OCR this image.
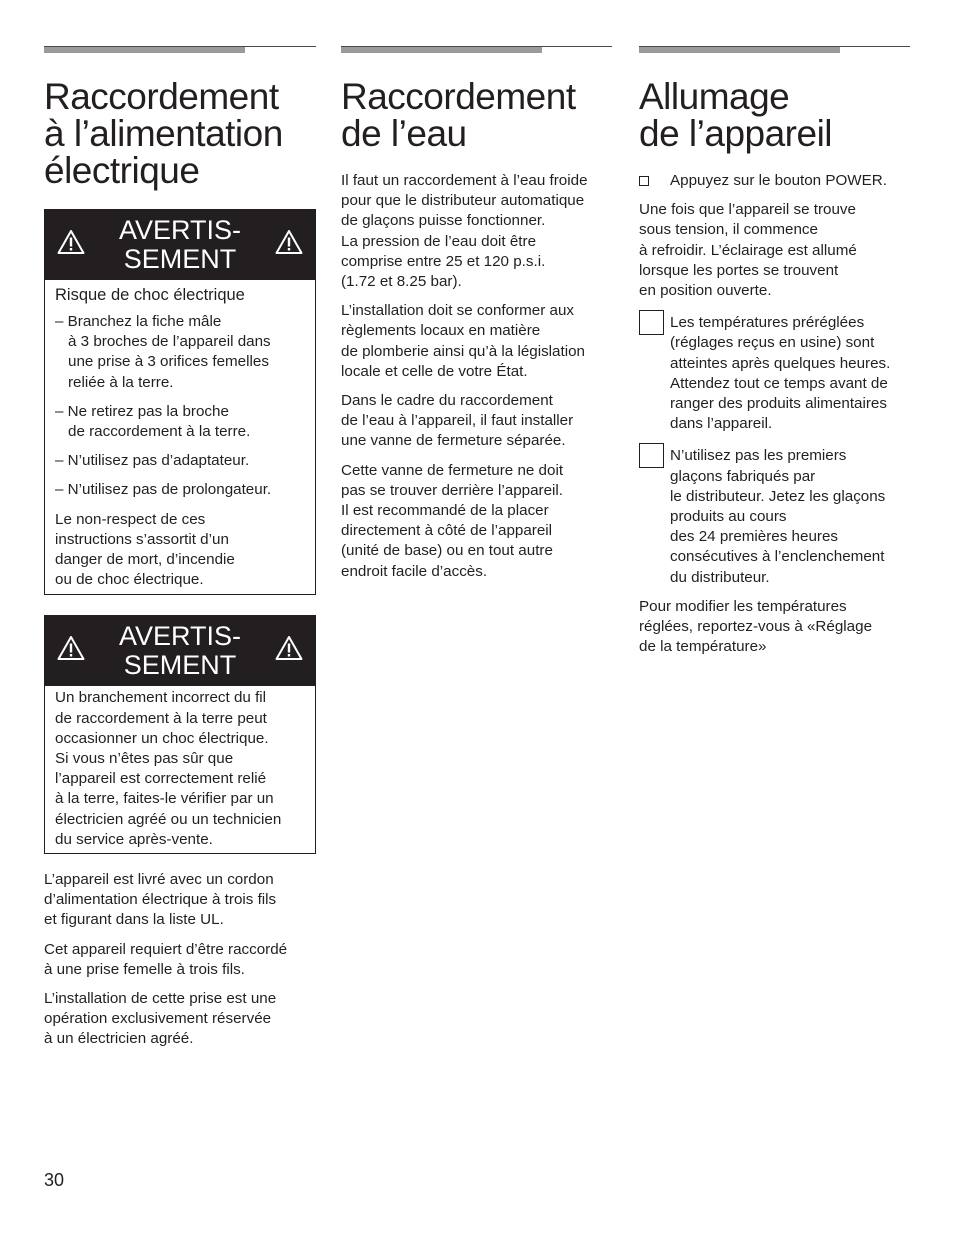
Raccordement
à l’alimentation
électrique
AVERTIS-
SEMENT

Risque de choc électrique

– Branchez la fiche mâle
à 3 broches de l’appareil dans
une prise à 3 orifices femelles
reliée à la terre.
– Ne retirez pas la broche
de raccordement à la terre.
– N’utilisez pas d’adaptateur.
– N’utilisez pas de prolongateur.

Le non-respect de ces
instructions s’assortit d’un
danger de mort, d’incendie
ou de choc électrique.

AVERTIS-
SEMENT

Un branchement incorrect du fil
de raccordement à la terre peut
occasionner un choc électrique.
Si vous n’êtes pas sûr que
l’appareil est correctement relié
à la terre, faites-le vérifier par un
électricien agréé ou un technicien
du service après-vente.

L’appareil est livré avec un cordon
d’alimentation électrique à trois fils
et figurant dans la liste UL.

Cet appareil requiert d’être raccordé
à une prise femelle à trois fils.

L’installation de cette prise est une
opération exclusivement réservée
à un électricien agréé.

Raccordement
de l’eau

Il faut un raccordement à l’eau froide
pour que le distributeur automatique
de glaçons puisse fonctionner.
La pression de l’eau doit être
comprise entre 25 et 120 p.s.i.
(1.72 et 8.25 bar).

L’installation doit se conformer aux
règlements locaux en matière
de plomberie ainsi qu’à la législation
locale et celle de votre État.

Dans le cadre du raccordement
de l’eau à l’appareil, il faut installer
une vanne de fermeture séparée.

Cette vanne de fermeture ne doit
pas se trouver derrière l’appareil.
Il est recommandé de la placer
directement à côté de l’appareil
(unité de base) ou en tout autre
endroit facile d’accès.

Allumage
de l’appareil
Appuyez sur le bouton POWER.

Une fois que l’appareil se trouve
sous tension, il commence
à refroidir. L’éclairage est allumé
lorsque les portes se trouvent
en position ouverte.

Les températures préréglées
(réglages reçus en usine) sont
atteintes après quelques heures.
Attendez tout ce temps avant de
ranger des produits alimentaires
dans l’appareil.
N’utilisez pas les premiers
glaçons fabriqués par
le distributeur. Jetez les glaçons
produits au cours
des 24 premières heures
consécutives à l’enclenchement
du distributeur.

Pour modifier les températures
réglées, reportez-vous à «Réglage
de la température»

30
